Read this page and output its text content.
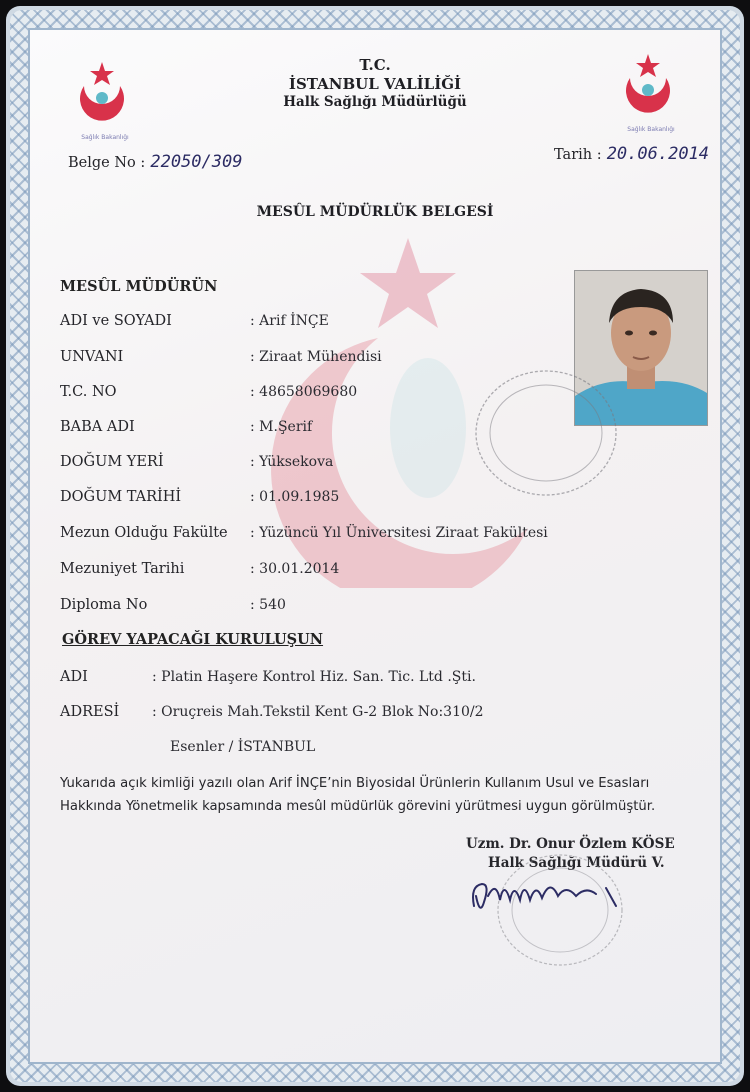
Sağlık Bakanlığı
Sağlık Bakanlığı
T.C.
İSTANBUL VALİLİĞİ
Halk Sağlığı Müdürlüğü
Belge No : 22050/309	Tarih : 20.06.2014
MESÛL MÜDÜRLÜK BELGESİ
MESÛL MÜDÜRÜN
ADI ve SOYADI	: Arif İNÇE
UNVANI	: Ziraat Mühendisi
T.C. NO	: 48658069680
BABA ADI	: M.Şerif
DOĞUM YERİ	: Yüksekova
DOĞUM TARİHİ	: 01.09.1985
Mezun Olduğu Fakülte : Yüzüncü Yıl Üniversitesi Ziraat Fakültesi
Mezuniyet Tarihi	: 30.01.2014
Diploma No	: 540
GÖREV YAPACAĞI KURULUŞUN
ADI	: Platin Haşere Kontrol Hiz. San. Tic. Ltd .Şti.
ADRESİ : Oruçreis Mah.Tekstil Kent G-2 Blok No:310/2
Esenler / İSTANBUL
Yukarıda açık kimliği yazılı olan Arif İNÇE’nin Biyosidal Ürünlerin Kullanım Usul ve Esasları
Hakkında Yönetmelik kapsamında mesûl müdürlük görevini yürütmesi uygun görülmüştür.
Uzm. Dr. Onur Özlem KÖSE
Halk Sağlığı Müdürü V.
